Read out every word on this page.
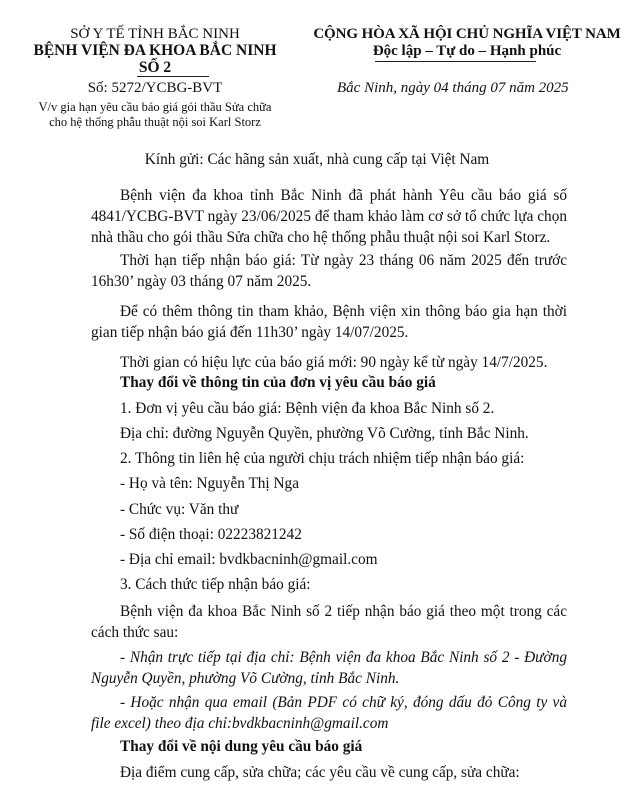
SỞ Y TẾ TỈNH BẮC NINH
BỆNH VIỆN ĐA KHOA BẮC NINH
SỐ 2
Số: 5272/YCBG-BVT
V/v gia hạn yêu cầu báo giá gói thầu Sửa chữa cho hệ thống phẫu thuật nội soi Karl Storz
CỘNG HÒA XÃ HỘI CHỦ NGHĨA VIỆT NAM
Độc lập – Tự do – Hạnh phúc
Bắc Ninh, ngày 04 tháng 07 năm 2025
Kính gửi: Các hãng sản xuất, nhà cung cấp tại Việt Nam
Bệnh viện đa khoa tỉnh Bắc Ninh đã phát hành Yêu cầu báo giá số 4841/YCBG-BVT ngày 23/06/2025 để tham khảo làm cơ sở tổ chức lựa chọn nhà thầu cho gói thầu Sửa chữa cho hệ thống phẫu thuật nội soi Karl Storz.
Thời hạn tiếp nhận báo giá: Từ ngày 23 tháng 06 năm 2025 đến trước 16h30’ ngày 03 tháng 07 năm 2025.
Để có thêm thông tin tham khảo, Bệnh viện xin thông báo gia hạn thời gian tiếp nhận báo giá đến 11h30’ ngày 14/07/2025.
Thời gian có hiệu lực của báo giá mới: 90 ngày kể từ ngày 14/7/2025.
Thay đổi về thông tin của đơn vị yêu cầu báo giá
1. Đơn vị yêu cầu báo giá: Bệnh viện đa khoa Bắc Ninh số 2.
Địa chỉ: đường Nguyễn Quyền, phường Võ Cường, tỉnh Bắc Ninh.
2. Thông tin liên hệ của người chịu trách nhiệm tiếp nhận báo giá:
- Họ và tên: Nguyễn Thị Nga
- Chức vụ: Văn thư
- Số điện thoại: 02223821242
- Địa chỉ email: bvdkbacninh@gmail.com
3. Cách thức tiếp nhận báo giá:
Bệnh viện đa khoa Bắc Ninh số 2 tiếp nhận báo giá theo một trong các cách thức sau:
- Nhận trực tiếp tại địa chỉ: Bệnh viện đa khoa Bắc Ninh số 2 - Đường Nguyễn Quyền, phường Võ Cường, tỉnh Bắc Ninh.
- Hoặc nhận qua email (Bản PDF có chữ ký, đóng dấu đỏ Công ty và file excel) theo địa chỉ:bvdkbacninh@gmail.com
Thay đổi về nội dung yêu cầu báo giá
Địa điểm cung cấp, sửa chữa; các yêu cầu về cung cấp, sửa chữa:
